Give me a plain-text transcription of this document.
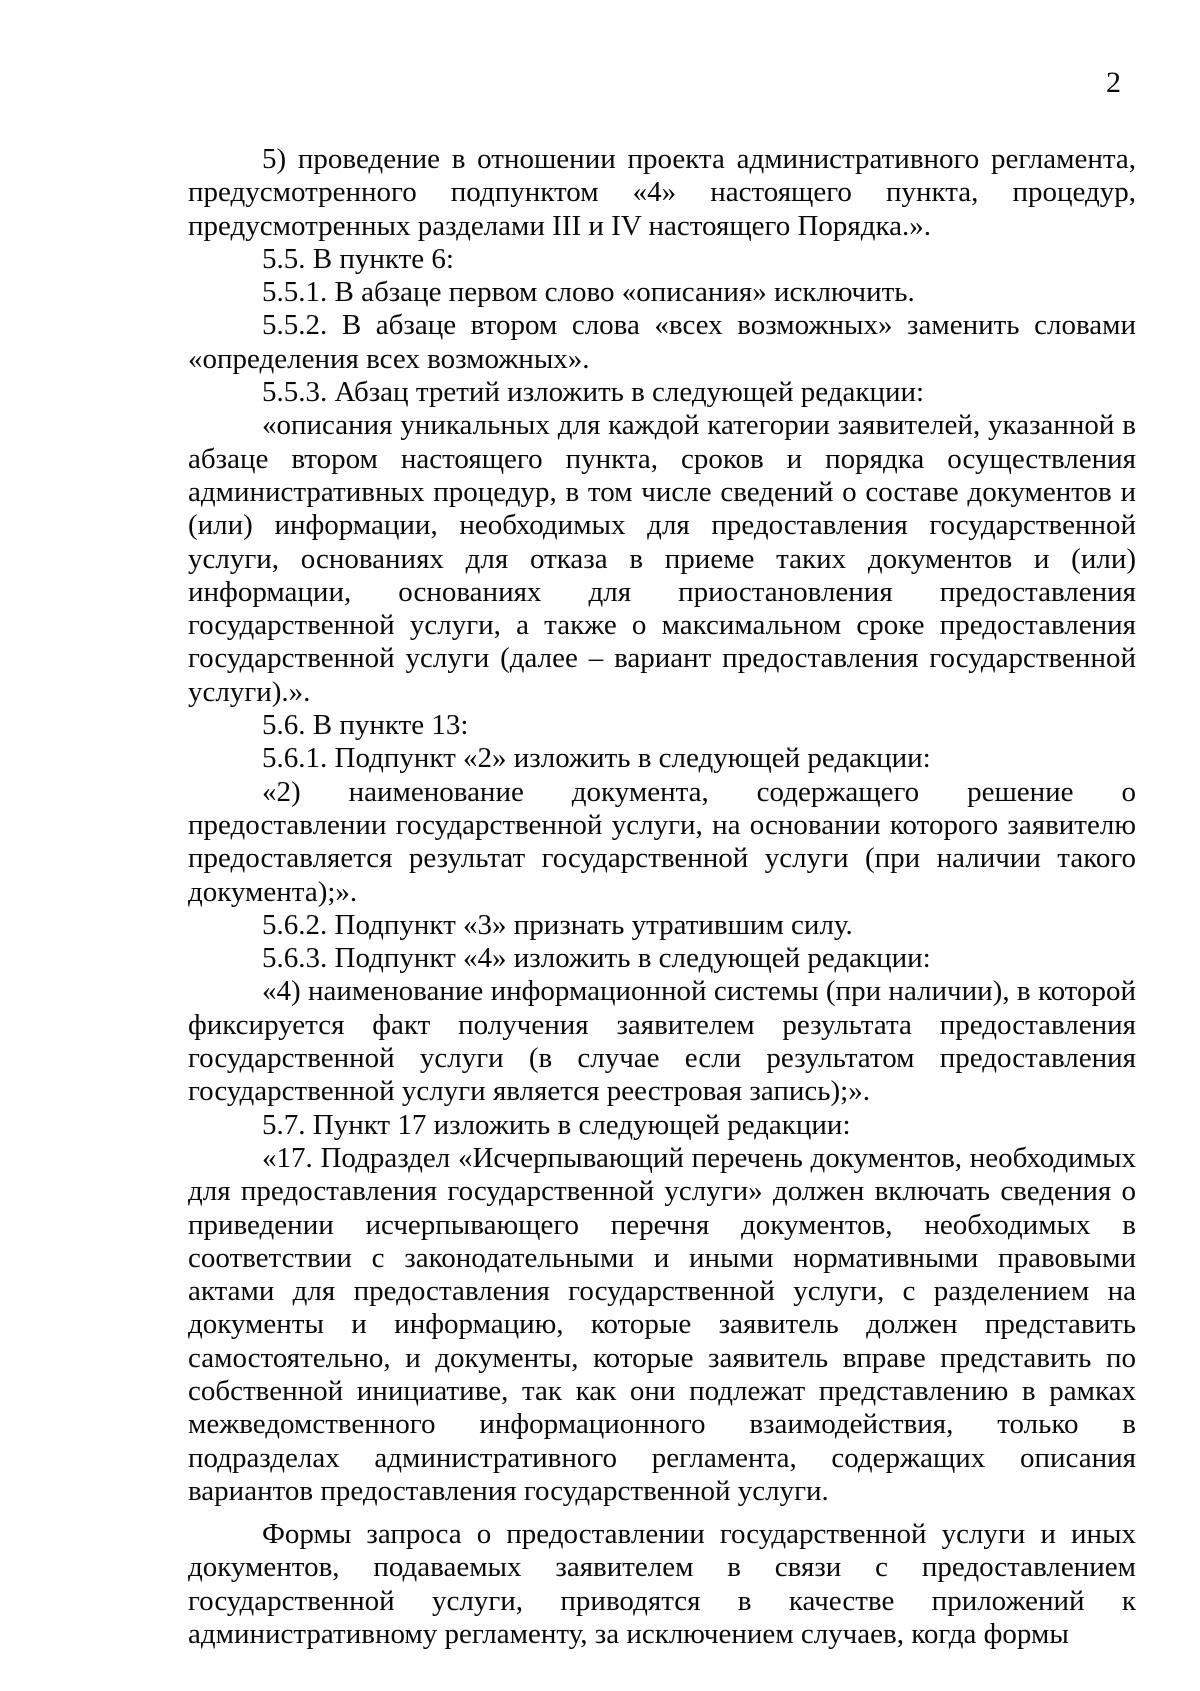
2

5) проведение в отношении проекта административного регламента, предусмотренного подпунктом «4» настоящего пункта, процедур, предусмотренных разделами III и IV настоящего Порядка.».

5.5. В пункте 6:

5.5.1. В абзаце первом слово «описания» исключить.

5.5.2. В абзаце втором слова «всех возможных» заменить словами «определения всех возможных».

5.5.3. Абзац третий изложить в следующей редакции:

«описания уникальных для каждой категории заявителей, указанной в абзаце втором настоящего пункта, сроков и порядка осуществления административных процедур, в том числе сведений о составе документов и (или) информации, необходимых для предоставления государственной услуги, основаниях для отказа в приеме таких документов и (или) информации, основаниях для приостановления предоставления государственной услуги, а также о максимальном сроке предоставления государственной услуги (далее – вариант предоставления государственной услуги).».

5.6. В пункте 13:

5.6.1. Подпункт «2» изложить в следующей редакции:

«2) наименование документа, содержащего решение о предоставлении государственной услуги, на основании которого заявителю предоставляется результат государственной услуги (при наличии такого документа);».

5.6.2. Подпункт «3» признать утратившим силу.

5.6.3. Подпункт «4» изложить в следующей редакции:

«4) наименование информационной системы (при наличии), в которой фиксируется факт получения заявителем результата предоставления государственной услуги (в случае если результатом предоставления государственной услуги является реестровая запись);».

5.7. Пункт 17 изложить в следующей редакции:

«17. Подраздел «Исчерпывающий перечень документов, необходимых для предоставления государственной услуги» должен включать сведения о приведении исчерпывающего перечня документов, необходимых в соответствии с законодательными и иными нормативными правовыми актами для предоставления государственной услуги, с разделением на документы и информацию, которые заявитель должен представить самостоятельно, и документы, которые заявитель вправе представить по собственной инициативе, так как они подлежат представлению в рамках межведомственного информационного взаимодействия, только в подразделах административного регламента, содержащих описания вариантов предоставления государственной услуги.

Формы запроса о предоставлении государственной услуги и иных документов, подаваемых заявителем в связи с предоставлением государственной услуги, приводятся в качестве приложений к административному регламенту, за исключением случаев, когда формы
